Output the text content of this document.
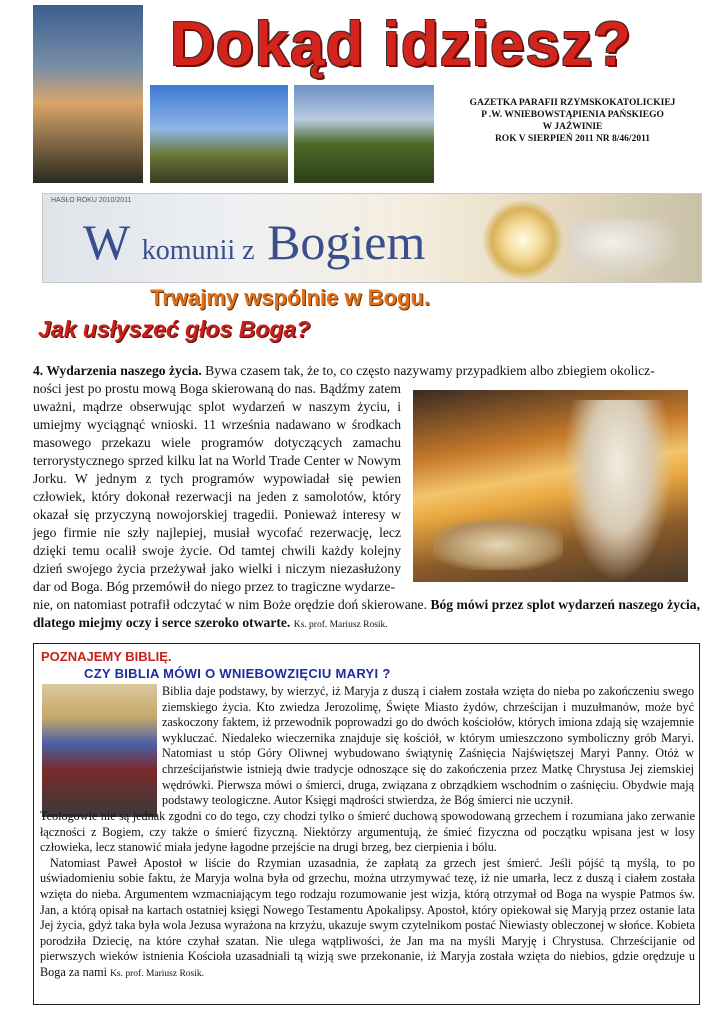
Dokąd idziesz?
GAZETKA PARAFII RZYMSKOKATOLICKIEJ
P .W. WNIEBOWSTĄPIENIA PAŃSKIEGO
W JAŹWINIE
ROK V SIERPIEŃ 2011 NR 8/46/2011
HASŁO ROKU 2010/2011
W komunii z Bogiem
Trwajmy wspólnie w Bogu.
Jak usłyszeć głos Boga?
4. Wydarzenia naszego życia. Bywa czasem tak, że to, co często nazywamy przypadkiem albo zbiegiem okolicz-
ności jest po prostu mową Boga skierowaną do nas. Bądźmy zatem uważni, mądrze obserwując splot wydarzeń w naszym życiu, i umiejmy wyciągnąć wnioski. 11 września nadawano w środkach masowego przekazu wiele programów dotyczących zamachu terrorystycznego sprzed kilku lat na World Trade Center w Nowym Jorku. W jednym z tych programów wypowiadał się pewien człowiek, który dokonał rezerwacji na jeden z samolotów, który okazał się przyczyną nowojorskiej tragedii. Ponieważ interesy w jego firmie nie szły najlepiej, musiał wycofać rezerwację, lecz dzięki temu ocalił swoje życie. Od tamtej chwili każdy kolejny dzień swojego życia przeżywał jako wielki i niczym niezasłużony dar od Boga. Bóg przemówił do niego przez to tragiczne wydarze-
nie, on natomiast potrafił odczytać w nim Boże orędzie doń skierowane. Bóg mówi przez splot wydarzeń naszego życia, dlatego miejmy oczy i serce szeroko otwarte. Ks. prof. Mariusz Rosik.
POZNAJEMY BIBLIĘ.
CZY BIBLIA MÓWI O WNIEBOWZIĘCIU MARYI ?
Biblia daje podstawy, by wierzyć, iż Maryja z duszą i ciałem została wzięta do nieba po zakończeniu swego ziemskiego życia. Kto zwiedza Jerozolimę, Święte Miasto żydów, chrześcijan i muzułmanów, może być zaskoczony faktem, iż przewodnik poprowadzi go do dwóch kościołów, których imiona zdają się wzajemnie wykluczać. Niedaleko wieczernika znajduje się kościół, w którym umieszczono symboliczny grób Maryi. Natomiast u stóp Góry Oliwnej wybudowano świątynię Zaśnięcia Najświętszej Maryi Panny. Otóż w chrześcijaństwie istnieją dwie tradycje odnoszące się do zakończenia przez Matkę Chrystusa Jej ziemskiej wędrówki. Pierwsza mówi o śmierci, druga, związana z obrządkiem wschodnim o zaśnięciu. Obydwie mają podstawy teologiczne. Autor Księgi mądrości stwierdza, że Bóg śmierci nie uczynił.
Teologowie nie są jednak zgodni co do tego, czy chodzi tylko o śmierć duchową spowodowaną grzechem i rozumiana jako zerwanie łączności z Bogiem, czy także o śmierć fizyczną. Niektórzy argumentują, że śmieć fizyczna od początku wpisana jest w losy człowieka, lecz stanowić miała jedyne łagodne przejście na drugi brzeg, bez cierpienia i bólu.
Natomiast Paweł Apostoł w liście do Rzymian uzasadnia, że zapłatą za grzech jest śmierć. Jeśli pójść tą myślą, to po uświadomieniu sobie faktu, że Maryja wolna była od grzechu, można utrzymywać tezę, iż nie umarła, lecz z duszą i ciałem została wzięta do nieba. Argumentem wzmacniającym tego rodzaju rozumowanie jest wizja, którą otrzymał od Boga na wyspie Patmos św. Jan, a którą opisał na kartach ostatniej księgi Nowego Testamentu Apokalipsy. Apostoł, który opiekował się Maryją przez ostanie lata Jej życia, gdyż taka była wola Jezusa wyrażona na krzyżu, ukazuje swym czytelnikom postać Niewiasty obleczonej w słońce. Kobieta porodziła Dziecię, na które czyhał szatan. Nie ulega wątpliwości, że Jan ma na myśli Maryję i Chrystusa. Chrześcijanie od pierwszych wieków istnienia Kościoła uzasadniali tą wizją swe przekonanie, iż Maryja została wzięta do niebios, gdzie orędzuje u Boga za nami Ks. prof. Mariusz Rosik.
